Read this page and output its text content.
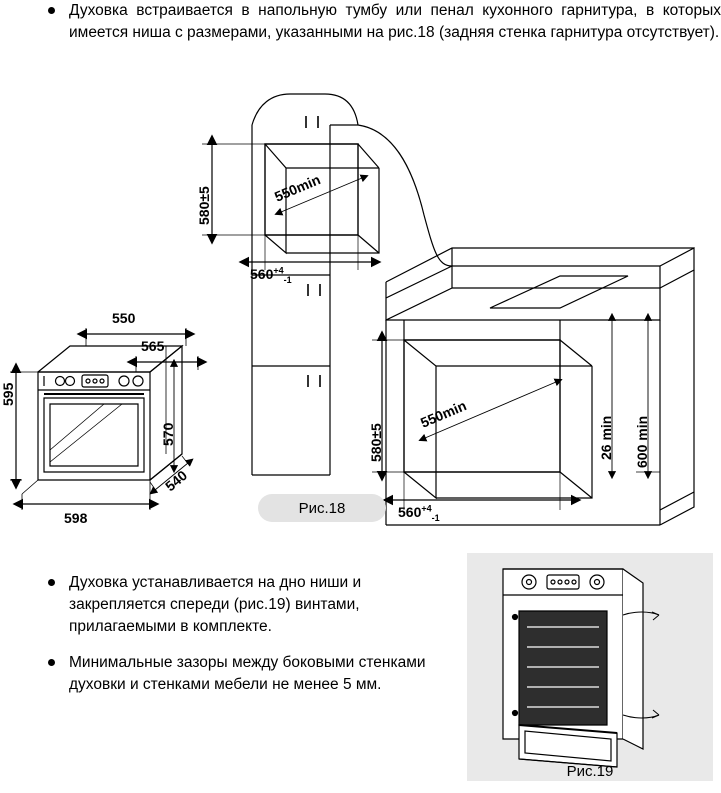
Духовка встраивается в напольную тумбу или пенал кухонного гарнитура, в которых имеется ниша с размерами, указанными на рис.18 (задняя стенка гарнитура отсутствует).
598
595
550
565
570
540
580±5	550min
$560^{+4}_{-1}$
580±5
550min
$560^{+4}_{-1}$
26 min 600 min
Рис.18
Духовка устанавливается на дно ниши и закрепляется спереди (рис.19) винтами, прилагаемыми в комплекте.
Минимальные зазоры между боковыми стенками духовки и стенками мебели не менее 5 мм.
Рис.19
